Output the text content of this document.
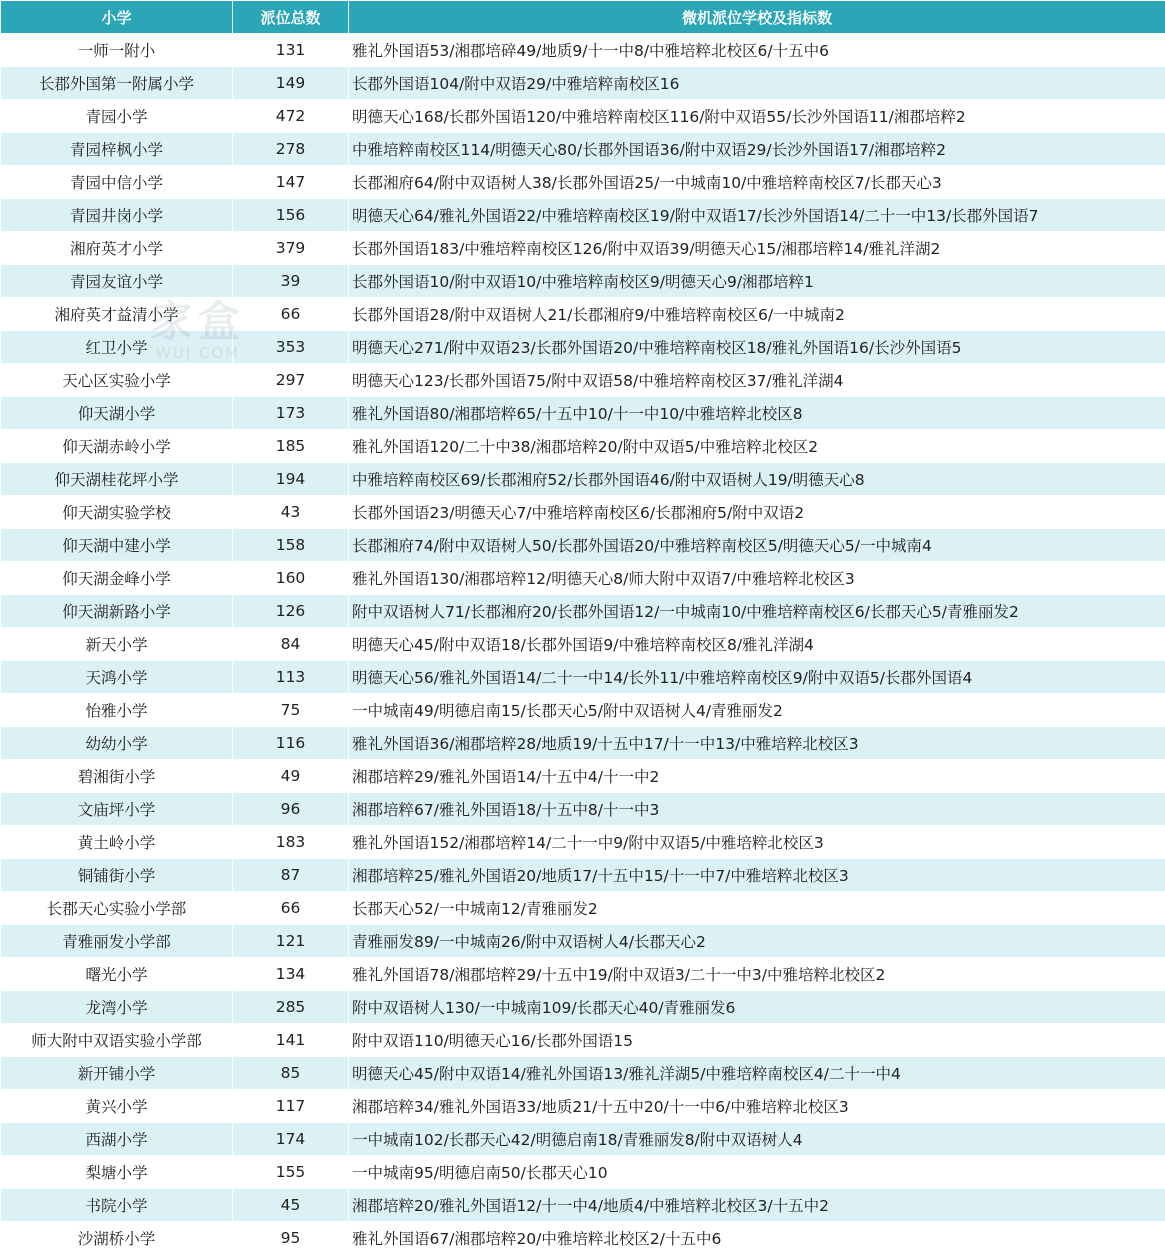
小学	派位总数	微机派位学校及指标数
一师一附小	131	雅礼外国语53/湘郡培碎49/地质9/十一中8/中雅培粹北校区6/十五中6
长郡外国第一附属小学	149	长郡外国语104/附中双语29/中雅培粹南校区16
青园小学	472	明德天心168/长郡外国语120/中雅培粹南校区116/附中双语55/长沙外国语11/湘郡培粹2
青园梓枫小学	278	中雅培粹南校区114/明德天心80/长郡外国语36/附中双语29/长沙外国语17/湘郡培粹2
青园中信小学	147	长郡湘府64/附中双语树人38/长郡外国语25/一中城南10/中雅培粹南校区7/长郡天心3
青园井岗小学	156	明德天心64/雅礼外国语22/中雅培粹南校区19/附中双语17/长沙外国语14/二十一中13/长郡外国语7
湘府英才小学	379	长郡外国语183/中雅培粹南校区126/附中双语39/明德天心15/湘郡培粹14/雅礼洋湖2
青园友谊小学	39	长郡外国语10/附中双语10/中雅培粹南校区9/明德天心9/湘郡培粹1
湘府英才益清小学	66	长郡外国语28/附中双语树人21/长郡湘府9/中雅培粹南校区6/一中城南2
红卫小学	353	明德天心271/附中双语23/长郡外国语20/中雅培粹南校区18/雅礼外国语16/长沙外国语5
天心区实验小学	297	明德天心123/长郡外国语75/附中双语58/中雅培粹南校区37/雅礼洋湖4
仰天湖小学	173	雅礼外国语80/湘郡培粹65/十五中10/十一中10/中雅培粹北校区8
仰天湖赤岭小学	185	雅礼外国语120/二十中38/湘郡培粹20/附中双语5/中雅培粹北校区2
仰天湖桂花坪小学	194	中雅培粹南校区69/长郡湘府52/长郡外国语46/附中双语树人19/明德天心8
仰天湖实验学校	43	长郡外国语23/明德天心7/中雅培粹南校区6/长郡湘府5/附中双语2
仰天湖中建小学	158	长郡湘府74/附中双语树人50/长郡外国语20/中雅培粹南校区5/明德天心5/一中城南4
仰天湖金峰小学	160	雅礼外国语130/湘郡培粹12/明德天心8/师大附中双语7/中雅培粹北校区3
仰天湖新路小学	126	附中双语树人71/长郡湘府20/长郡外国语12/一中城南10/中雅培粹南校区6/长郡天心5/青雅丽发2
新天小学	84	明德天心45/附中双语18/长郡外国语9/中雅培粹南校区8/雅礼洋湖4
天鸿小学	113	明德天心56/雅礼外国语14/二十一中14/长外11/中雅培粹南校区9/附中双语5/长郡外国语4
怡雅小学	75	一中城南49/明德启南15/长郡天心5/附中双语树人4/青雅丽发2
幼幼小学	116	雅礼外国语36/湘郡培粹28/地质19/十五中17/十一中13/中雅培粹北校区3
碧湘街小学	49	湘郡培粹29/雅礼外国语14/十五中4/十一中2
文庙坪小学	96	湘郡培粹67/雅礼外国语18/十五中8/十一中3
黄土岭小学	183	雅礼外国语152/湘郡培粹14/二十一中9/附中双语5/中雅培粹北校区3
铜铺街小学	87	湘郡培粹25/雅礼外国语20/地质17/十五中15/十一中7/中雅培粹北校区3
长郡天心实验小学部	66	长郡天心52/一中城南12/青雅丽发2
青雅丽发小学部	121	青雅丽发89/一中城南26/附中双语树人4/长郡天心2
曙光小学	134	雅礼外国语78/湘郡培粹29/十五中19/附中双语3/二十一中3/中雅培粹北校区2
龙湾小学	285	附中双语树人130/一中城南109/长郡天心40/青雅丽发6
师大附中双语实验小学部	141	附中双语110/明德天心16/长郡外国语15
新开铺小学	85	明德天心45/附中双语14/雅礼外国语13/雅礼洋湖5/中雅培粹南校区4/二十一中4
黄兴小学	117	湘郡培粹34/雅礼外国语33/地质21/十五中20/十一中6/中雅培粹北校区3
西湖小学	174	一中城南102/长郡天心42/明德启南18/青雅丽发8/附中双语树人4
梨塘小学	155	一中城南95/明德启南50/长郡天心10
书院小学	45	湘郡培粹20/雅礼外国语12/十一中4/地质4/中雅培粹北校区3/十五中2
沙湖桥小学	95	雅礼外国语67/湘郡培粹20/中雅培粹北校区2/十五中6
